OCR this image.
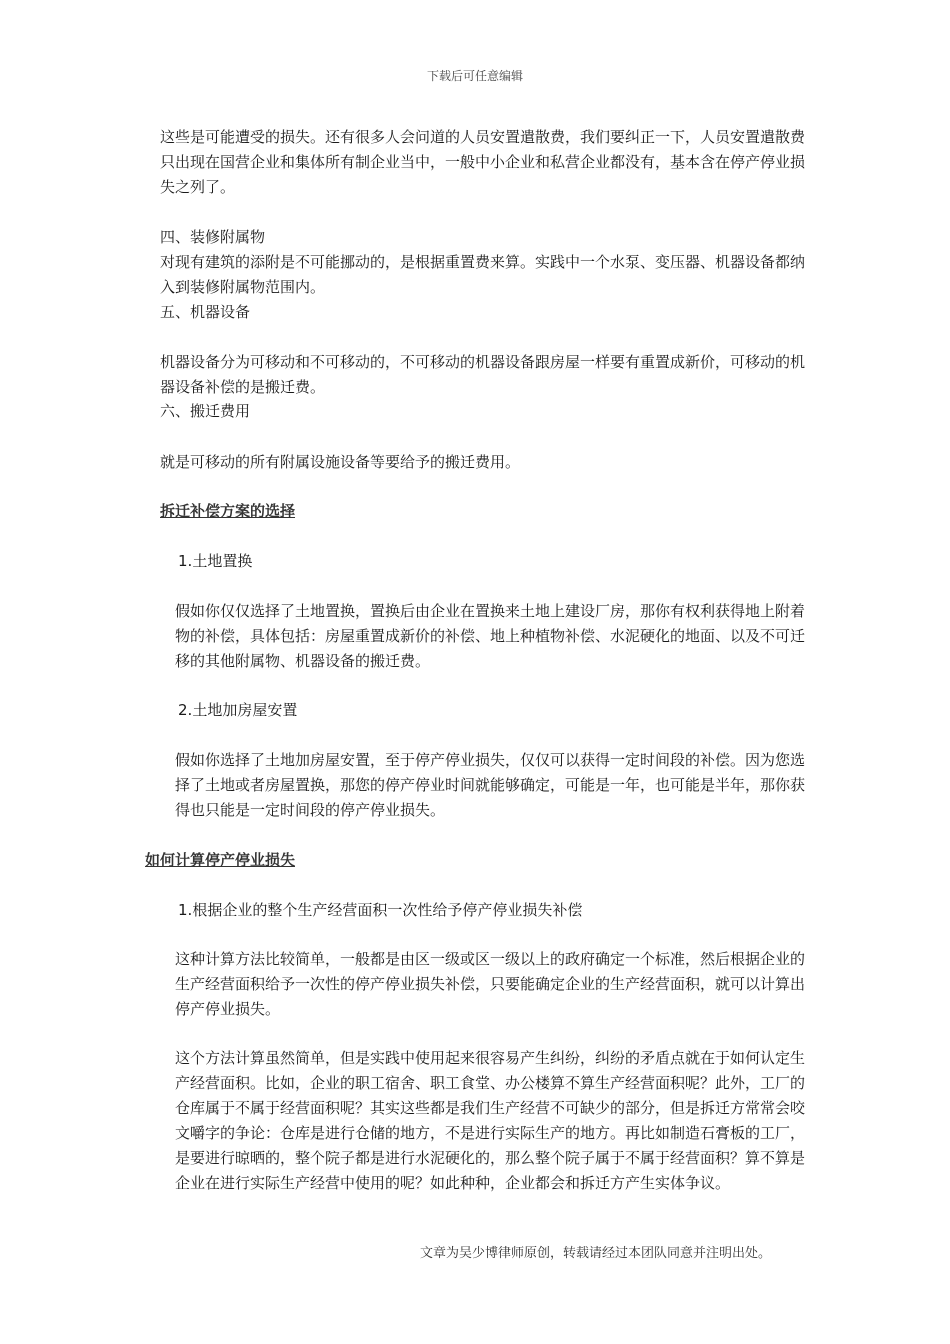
下载后可任意编辑

这些是可能遭受的损失。还有很多人会问道的人员安置遣散费，我们要纠正一下，人员安置遣散费只出现在国营企业和集体所有制企业当中，一般中小企业和私营企业都没有，基本含在停产停业损失之列了。

四、装修附属物

对现有建筑的添附是不可能挪动的，是根据重置费来算。实践中一个水泵、变压器、机器设备都纳入到装修附属物范围内。

五、机器设备

机器设备分为可移动和不可移动的，不可移动的机器设备跟房屋一样要有重置成新价，可移动的机器设备补偿的是搬迁费。

六、搬迁费用

就是可移动的所有附属设施设备等要给予的搬迁费用。

拆迁补偿方案的选择
1.土地置换

假如你仅仅选择了土地置换，置换后由企业在置换来土地上建设厂房，那你有权利获得地上附着物的补偿，具体包括：房屋重置成新价的补偿、地上种植物补偿、水泥硬化的地面、以及不可迁移的其他附属物、机器设备的搬迁费。

2.土地加房屋安置

假如你选择了土地加房屋安置，至于停产停业损失，仅仅可以获得一定时间段的补偿。因为您选择了土地或者房屋置换，那您的停产停业时间就能够确定，可能是一年，也可能是半年，那你获得也只能是一定时间段的停产停业损失。

如何计算停产停业损失
1.根据企业的整个生产经营面积一次性给予停产停业损失补偿

这种计算方法比较简单，一般都是由区一级或区一级以上的政府确定一个标准，然后根据企业的生产经营面积给予一次性的停产停业损失补偿，只要能确定企业的生产经营面积，就可以计算出停产停业损失。

这个方法计算虽然简单，但是实践中使用起来很容易产生纠纷，纠纷的矛盾点就在于如何认定生产经营面积。比如，企业的职工宿舍、职工食堂、办公楼算不算生产经营面积呢？此外，工厂的仓库属于不属于经营面积呢？其实这些都是我们生产经营不可缺少的部分，但是拆迁方常常会咬文嚼字的争论：仓库是进行仓储的地方，不是进行实际生产的地方。再比如制造石膏板的工厂，是要进行晾晒的，整个院子都是进行水泥硬化的，那么整个院子属于不属于经营面积？算不算是企业在进行实际生产经营中使用的呢？如此种种，企业都会和拆迁方产生实体争议。

文章为吴少博律师原创，转载请经过本团队同意并注明出处。
